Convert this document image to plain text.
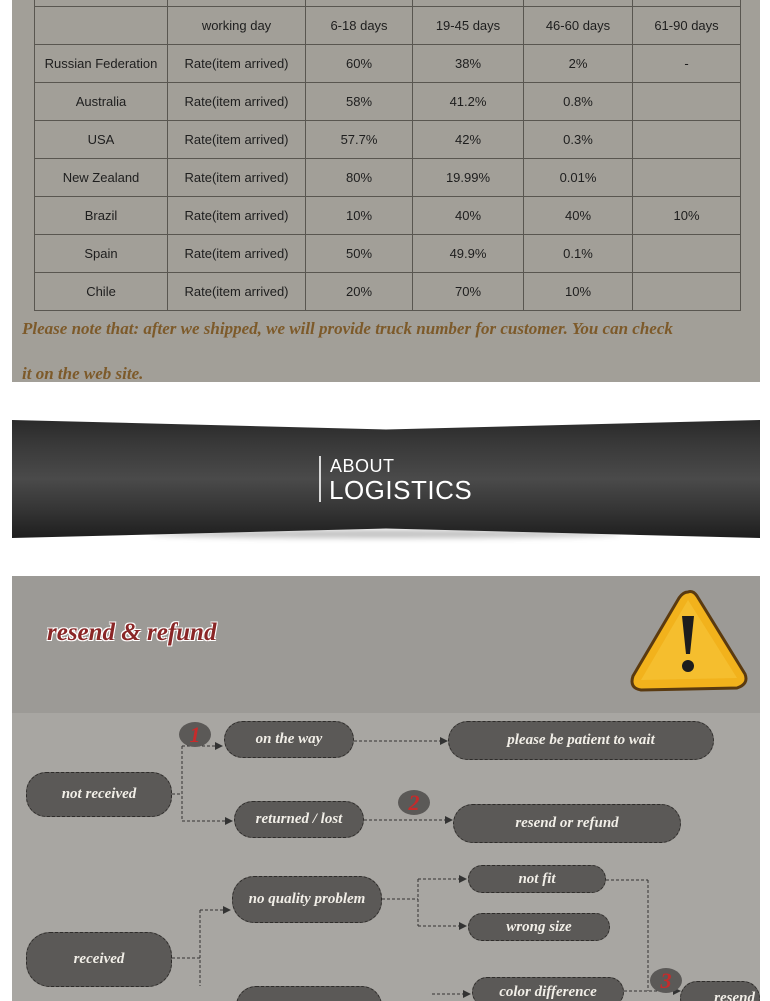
	working day	6-18 days	19-45 days	46-60 days	61-90 days
Russian Federation	Rate(item arrived)	60%	38%	2%	-
Australia	Rate(item arrived)	58%	41.2%	0.8%	
USA	Rate(item arrived)	57.7%	42%	0.3%	
New Zealand	Rate(item arrived)	80%	19.99%	0.01%	
Brazil	Rate(item arrived)	10%	40%	40%	10%
Spain	Rate(item arrived)	50%	49.9%	0.1%	
Chile	Rate(item arrived)	20%	70%	10%	
Please note that: after we shipped, we will provide truck number for customer. You can check
it on the web site.
ABOUT
LOGISTICS
resend & refund
not received
1	on the way	please be patient to wait
2
returned / lost	resend or refund
received
no quality problem
not fit
wrong size
color difference	3
resend
